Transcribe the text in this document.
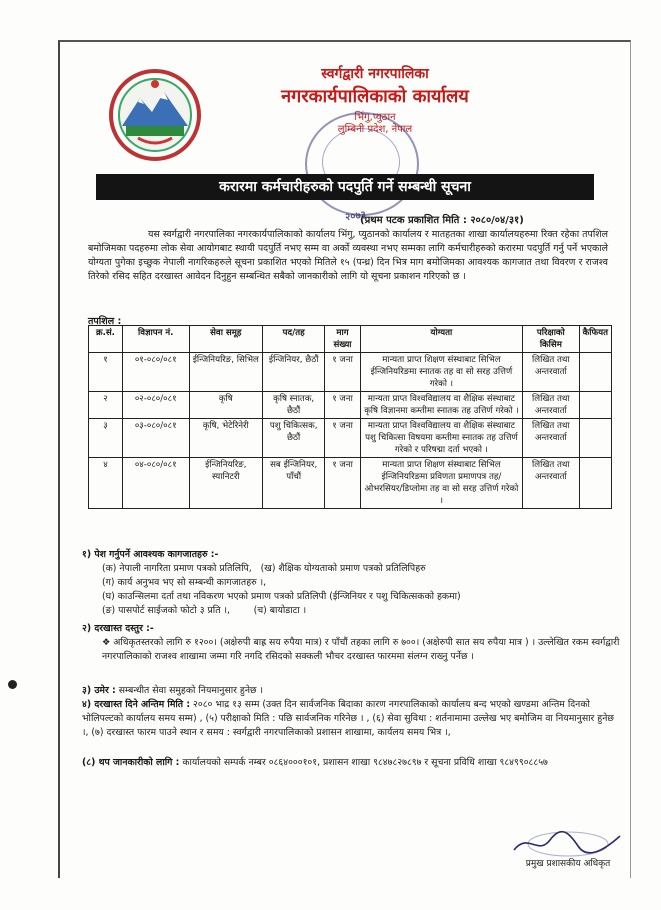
स्वर्गद्वारी नगरपालिका
नगरकार्यपालिकाको कार्यालय
भिंगु,प्युठान
लुम्बिनी प्रदेश, नेपाल
२०७३
करारमा कर्मचारीहरुको पदपुर्ति गर्ने सम्बन्धी सूचना
(प्रथम पटक प्रकाशित मिति : २०८०/०४/३१)
यस स्वर्गद्वारी नगरपालिका नगरकार्यपालिकाको कार्यालय भिंगु, प्युठानको कार्यालय र मातहतका शाखा कार्यालयहरुमा रिक्त रहेका तपशिल बमोजिमका पदहरुमा लोक सेवा आयोगबाट स्थायी पदपुर्ति नभए सम्म वा अर्को व्यवस्था नभए सम्मका लागि कर्मचारीहरुको करारमा पदपुर्ति गर्नु पर्ने भएकाले योग्यता पुगेका इच्छुक नेपाली नागरिकहरुले सूचना प्रकाशित भएको मितिले १५ (पन्ध्र) दिन भित्र माग बमोजिमका आवश्यक कागजात तथा विवरण र राजश्व तिरेको रसिद सहित दरखास्त आवेदन दिनुहुन सम्बन्धित सबैको जानकारीको लागि यो सूचना प्रकाशन गरिएको छ ।
तपशिल :
क्र.सं.	विज्ञापन नं.	सेवा समूह	पद/तह	माग संख्या	योग्यता	परिक्षाको किसिम	कैफियत
१	०१-०८०/०८१	ईन्जिनियरिङ, सिभिल	ईन्जिनियर, छैठौं	१ जना	मान्यता प्राप्त शिक्षण संस्थाबाट सिभिल ईन्जिनियरिङमा स्नातक तह वा सो सरह उत्तिर्ण गरेको ।	लिखित तथा अन्तरवार्ता	
२	०२-०८०/०८१	कृषि	कृषि स्नातक, छैठौं	१ जना	मान्यता प्राप्त विश्वविद्यालय वा शैक्षिक संस्थाबाट कृषि विज्ञानमा कम्तीमा स्नातक तह उत्तिर्ण गरेको ।	लिखित तथा अन्तरवार्ता	
३	०३-०८०/०८१	कृषि, भेटेरिनेरी	पशु चिकित्सक, छैठौं	१ जना	मान्यता प्राप्त विश्वविद्यालय वा शैक्षिक संस्थाबाट पशु चिकित्सा विषयमा कम्तीमा स्नातक तह उत्तिर्ण गरेको र परिषद्मा दर्ता भएको ।	लिखित तथा अन्तरवार्ता	
४	०४-०८०/०८१	ईन्जिनियरिङ, स्यानिटरी	सब ईन्जिनियर, पाँचौं	१ जना	मान्यता प्राप्त शिक्षण संस्थाबाट सिभिल ईन्जिनियरिङमा प्रविणता प्रमाणपत्र तह/ओभरसियर/डिप्लोमा तह वा सो सरह उत्तिर्ण गरेको ।	लिखित तथा अन्तरवार्ता	
१) पेश गर्नुपर्ने आवश्यक कागजातहरु :-
(क) नेपाली नागरिता प्रमाण पत्रको प्रतिलिपि, (ख) शैक्षिक योग्यताको प्रमाण पत्रको प्रतिलिपिहरु
(ग) कार्य अनुभव भए सो सम्बन्धी कागजातहरु ।,
(घ) काउन्सिलमा दर्ता तथा नविकरण भएको प्रमाण पत्रको प्रतिलिपी (ईन्जिनियर र पशु चिकित्सकको हकमा)
(ङ) पासपोर्ट साईजको फोटो ३ प्रति ।,	(च) बायोडाटा ।
२) दरखास्त दस्तुर :-
❖ अधिकृतस्तरको लागि रु १२००। (अक्षेरुपी बाह्र सय रुपैया मात्र) र पाँचौं तहका लागि रु ७००। (अक्षेरुपी सात सय रुपैया मात्र ) । उल्लेखित रकम स्वर्गद्वारी नगरपालिकाको राजश्व शाखामा जम्मा गरि नगदि रसिदको सक्कली भौचर दरखास्त फारममा संलग्न राख्नु पर्नेछ ।
३) उमेर : सम्बन्धीत सेवा समुहको नियमानुसार हुनेछ ।
४) दरखास्त दिने अन्तिम मिति : २०८० भाद्र १३ सम्म (उक्त दिन सार्वजनिक बिदाका कारण नगरपालिकाको कार्यालय बन्द भएको खण्डमा अन्तिम दिनको भोलिपल्टको कार्यालय समय सम्म) , (५) परीक्षाको मिति : पछि सार्वजनिक गरिनेछ । , (६) सेवा सुविधा : शर्तनामामा उल्लेख भए बमोजिम वा नियमानुसार हुनेछ ।, (७) दरखास्त फारम पाउने स्थान र समय : स्वर्गद्वारी नगरपालिकाको प्रशासन शाखामा, कार्यलय समय भित्र ।,
(८) थप जानकारीको लागि : कार्यालयको सम्पर्क नम्बर ०८६४०००१०१, प्रशासन शाखा ९८४७८२७८९७ र सूचना प्रविधि शाखा ९८४९९०८८५७
प्रमुख प्रशासकीय अधिकृत
